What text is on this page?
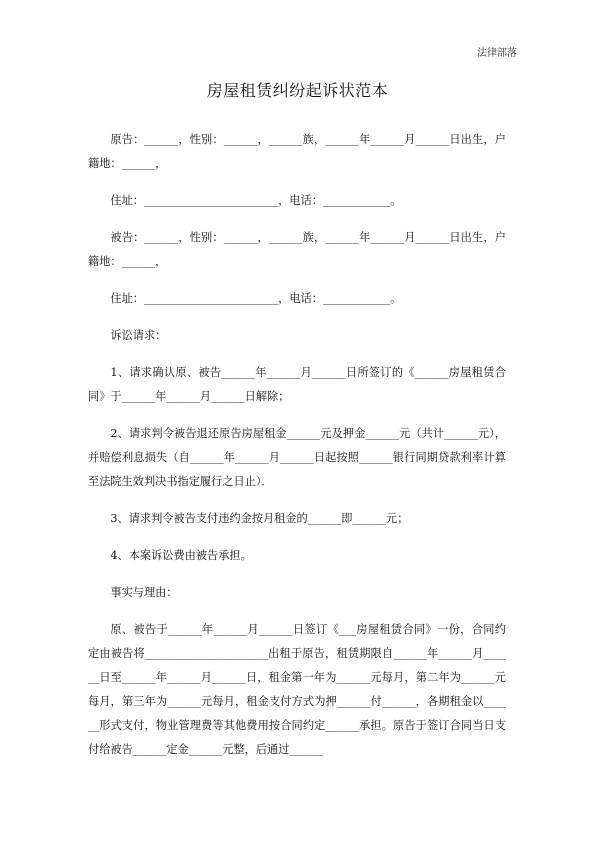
法律部落
房屋租赁纠纷起诉状范本

原告：______，性别：______，______族，______年______月______日出生，户籍地：______，

住址：________________________，电话：____________。

被告：______，性别：______，______族，______年______月______日出生，户籍地：______，

住址：________________________，电话：____________。

诉讼请求：

1、请求确认原、被告______年______月______日所签订的《______房屋租赁合同》于______年______月______日解除；

2、请求判令被告退还原告房屋租金______元及押金______元（共计______元），并赔偿利息损失（自______年______月______日起按照______银行同期贷款利率计算至法院生效判决书指定履行之日止）．

3、请求判令被告支付违约金按月租金的______即______元；

4、本案诉讼费由被告承担。

事实与理由：

原、被告于______年______月______日签订《___房屋租赁合同》一份，合同约定由被告将______________________出租于原告，租赁期限自______年______月______日至______年______月______日，租金第一年为______元每月，第二年为______元每月，第三年为______元每月，租金支付方式为押______付______，各期租金以______形式支付，物业管理费等其他费用按合同约定______承担。原告于签订合同当日支付给被告______定金______元整，后通过______
